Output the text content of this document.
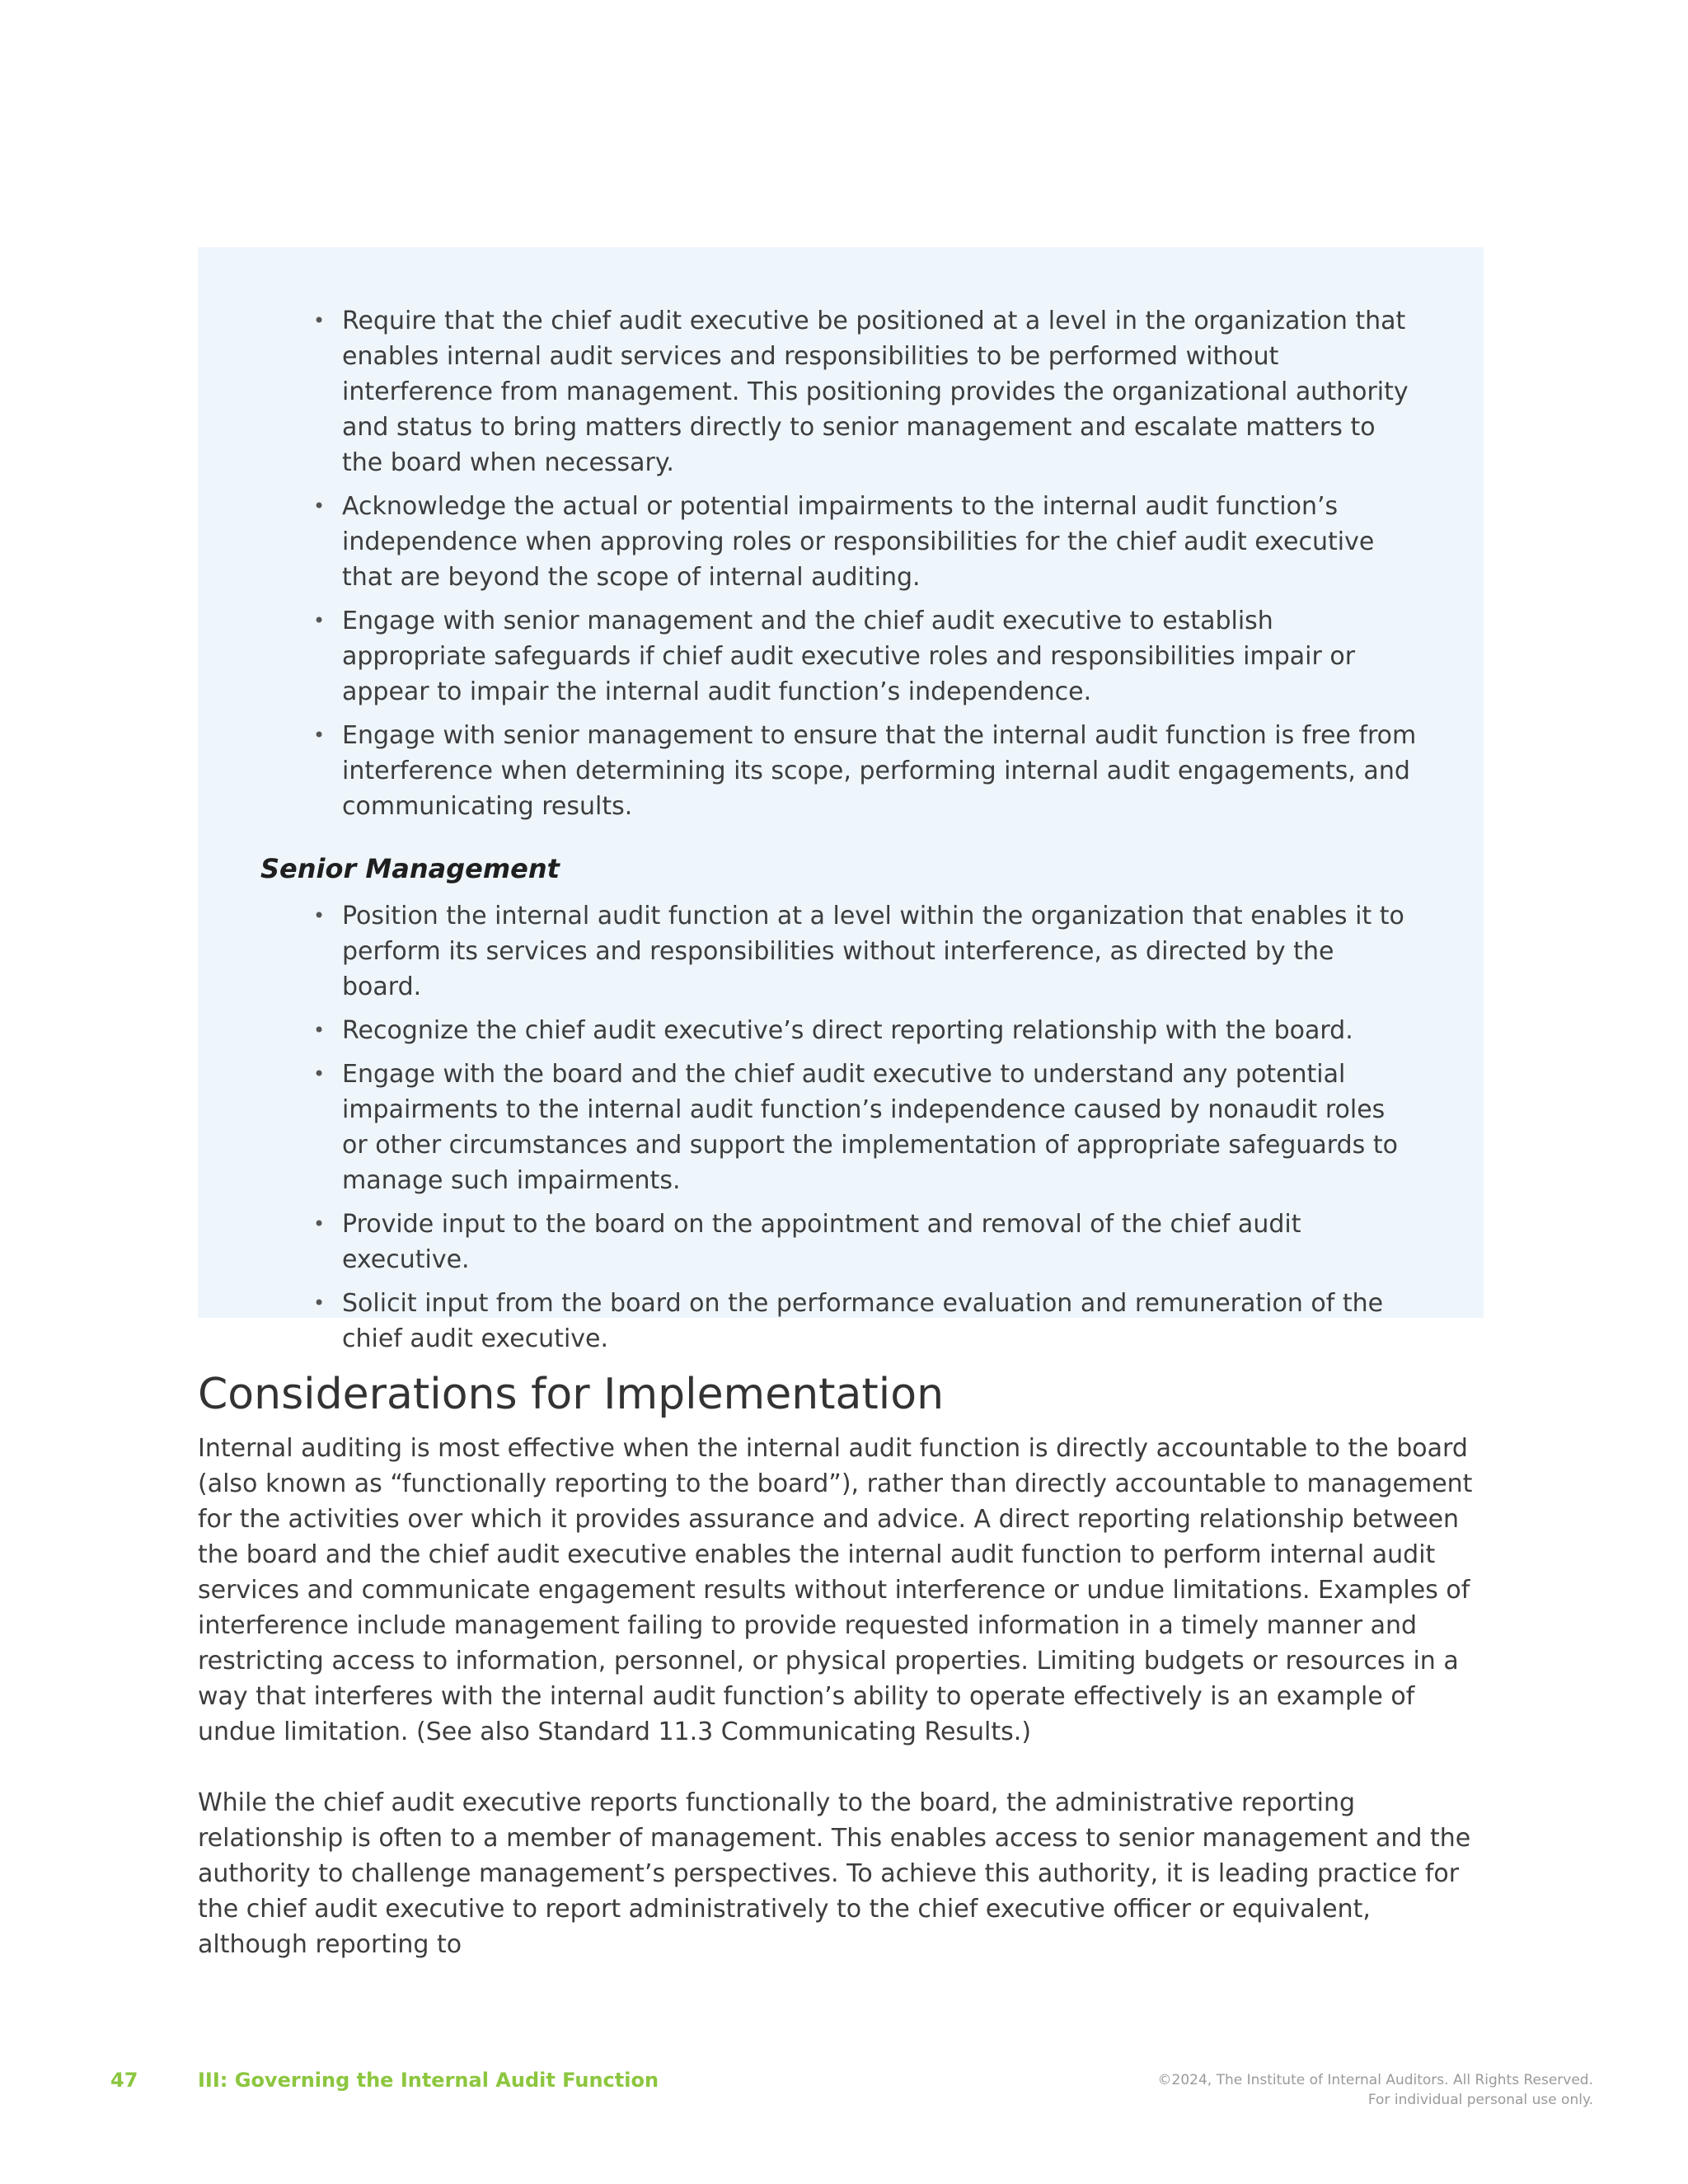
• Require that the chief audit executive be positioned at a level in the organization that enables internal audit services and responsibilities to be performed without interference from management. This positioning provides the organizational authority and status to bring matters directly to senior management and escalate matters to the board when necessary.
• Acknowledge the actual or potential impairments to the internal audit function’s independence when approving roles or responsibilities for the chief audit executive that are beyond the scope of internal auditing.
• Engage with senior management and the chief audit executive to establish appropriate safeguards if chief audit executive roles and responsibilities impair or appear to impair the internal audit function’s independence.
• Engage with senior management to ensure that the internal audit function is free from interference when determining its scope, performing internal audit engagements, and communicating results.
Senior Management
• Position the internal audit function at a level within the organization that enables it to perform its services and responsibilities without interference, as directed by the board.
• Recognize the chief audit executive’s direct reporting relationship with the board.
• Engage with the board and the chief audit executive to understand any potential impairments to the internal audit function’s independence caused by nonaudit roles or other circumstances and support the implementation of appropriate safeguards to manage such impairments.
• Provide input to the board on the appointment and removal of the chief audit executive.
• Solicit input from the board on the performance evaluation and remuneration of the chief audit executive.
Considerations for Implementation

Internal auditing is most effective when the internal audit function is directly accountable to the board (also known as “functionally reporting to the board”), rather than directly accountable to management for the activities over which it provides assurance and advice. A direct reporting relationship between the board and the chief audit executive enables the internal audit function to perform internal audit services and communicate engagement results without interference or undue limitations. Examples of interference include management failing to provide requested information in a timely manner and restricting access to information, personnel, or physical properties. Limiting budgets or resources in a way that interferes with the internal audit function’s ability to operate effectively is an example of undue limitation. (See also Standard 11.3 Communicating Results.)

While the chief audit executive reports functionally to the board, the administrative reporting relationship is often to a member of management. This enables access to senior management and the authority to challenge management’s perspectives. To achieve this authority, it is leading practice for the chief audit executive to report administratively to the chief executive officer or equivalent, although reporting to

47	III: Governing the Internal Audit Function	©2024, The Institute of Internal Auditors. All Rights Reserved.
For individual personal use only.
